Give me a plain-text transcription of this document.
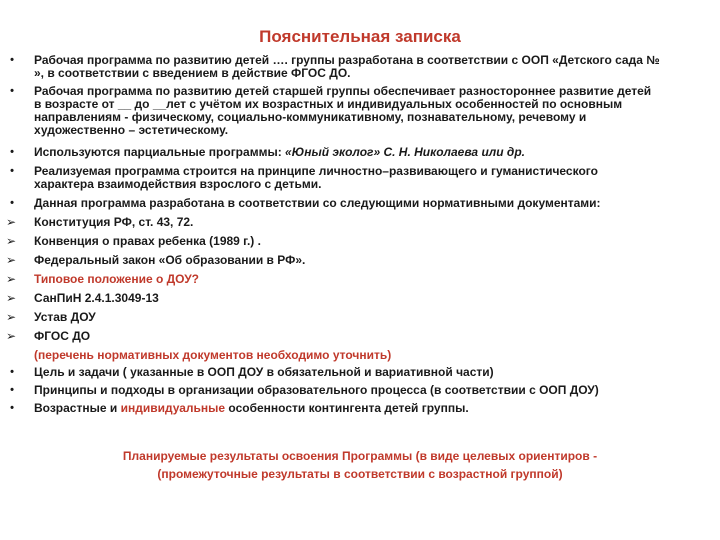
Пояснительная записка
•	Рабочая программа по развитию детей …. группы разработана в соответствии с ООП «Детского сада №
», в соответствии с введением в действие ФГОС ДО.
•	Рабочая программа по развитию детей старшей группы обеспечивает разностороннее развитие детей
в возрасте от __ до __лет с учётом их возрастных и индивидуальных особенностей по основным
направлениям - физическому, социально-коммуникативному, познавательному, речевому и
художественно – эстетическому.
•	Используются парциальные программы: «Юный эколог» С. Н. Николаева или др.
•	Реализуемая программа строится на принципе личностно–развивающего и гуманистического
характера взаимодействия взрослого с детьми.
•	Данная программа разработана в соответствии со следующими нормативными документами:
➢ Конституция РФ, ст. 43, 72.
➢ Конвенция о правах ребенка (1989 г.) .
➢ Федеральный закон «Об образовании в РФ».
➢ Типовое положение о ДОУ?
➢ СанПиН 2.4.1.3049-13
➢ Устав ДОУ
➢ ФГОС ДО
(перечень нормативных документов необходимо уточнить)
•	Цель и задачи ( указанные в ООП ДОУ в обязательной и вариативной части)
•	Принципы и подходы в организации образовательного процесса (в соответствии с ООП ДОУ)
•	Возрастные и индивидуальные особенности контингента детей группы.
Планируемые результаты освоения Программы (в виде целевых ориентиров -
(промежуточные результаты в соответствии с возрастной группой)
